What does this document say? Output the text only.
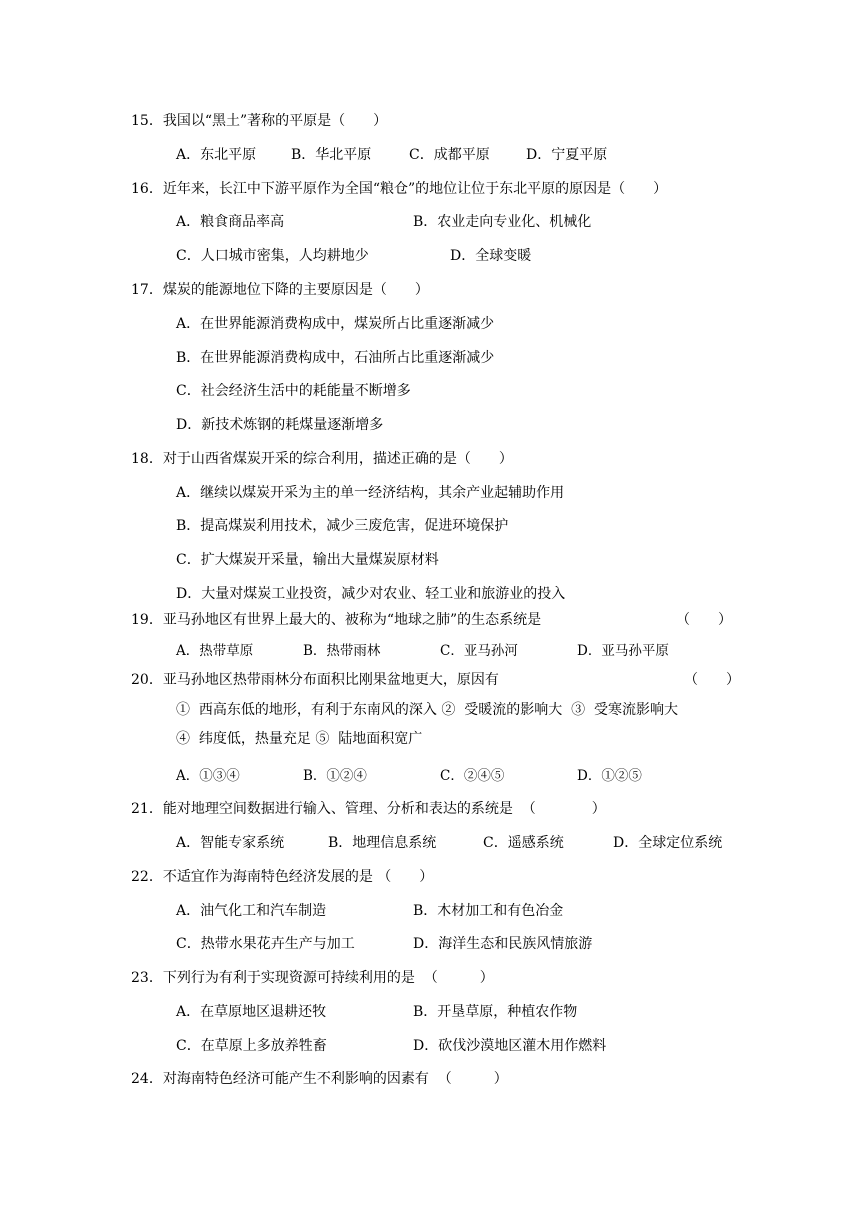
15．我国以“黑土”著称的平原是（　　）
A．东北平原 B．华北平原	C．成都平原	D．宁夏平原
16．近年来，长江中下游平原作为全国“粮仓”的地位让位于东北平原的原因是（　　）
A．粮食商品率高	B．农业走向专业化、机械化
C．人口城市密集，人均耕地少	D．全球变暖
17．煤炭的能源地位下降的主要原因是（　　）
A．在世界能源消费构成中，煤炭所占比重逐渐减少
B．在世界能源消费构成中，石油所占比重逐渐减少
C．社会经济生活中的耗能量不断增多
D．新技术炼钢的耗煤量逐渐增多
18．对于山西省煤炭开采的综合利用，描述正确的是（　　）
A．继续以煤炭开采为主的单一经济结构，其余产业起辅助作用
B．提高煤炭利用技术，减少三废危害，促进环境保护
C．扩大煤炭开采量，输出大量煤炭原材料
D．大量对煤炭工业投资，减少对农业、轻工业和旅游业的投入
19．亚马孙地区有世界上最大的、被称为“地球之肺”的生态系统是	（　　）
A．热带草原	B．热带雨林	C．亚马孙河	D．亚马孙平原
20．亚马孙地区热带雨林分布面积比刚果盆地更大，原因有	（　　）
①  西高东低的地形，有利于东南风的深入 ②  受暖流的影响大  ③  受寒流影响大
④  纬度低，热量充足 ⑤  陆地面积宽广
A．①③④	B．①②④	C．②④⑤	D．①②⑤
21．能对地理空间数据进行输入、管理、分析和表达的系统是  （　　　　）
A．智能专家系统	B．地理信息系统	C．遥感系统	D．全球定位系统
22．不适宜作为海南特色经济发展的是 （　　）
A．油气化工和汽车制造	B．木材加工和有色冶金
C．热带水果花卉生产与加工	D．海洋生态和民族风情旅游
23．下列行为有利于实现资源可持续利用的是  （　　　）
A．在草原地区退耕还牧	B．开垦草原，种植农作物
C．在草原上多放养牲畜	D．砍伐沙漠地区灌木用作燃料
24．对海南特色经济可能产生不利影响的因素有  （　　　）
